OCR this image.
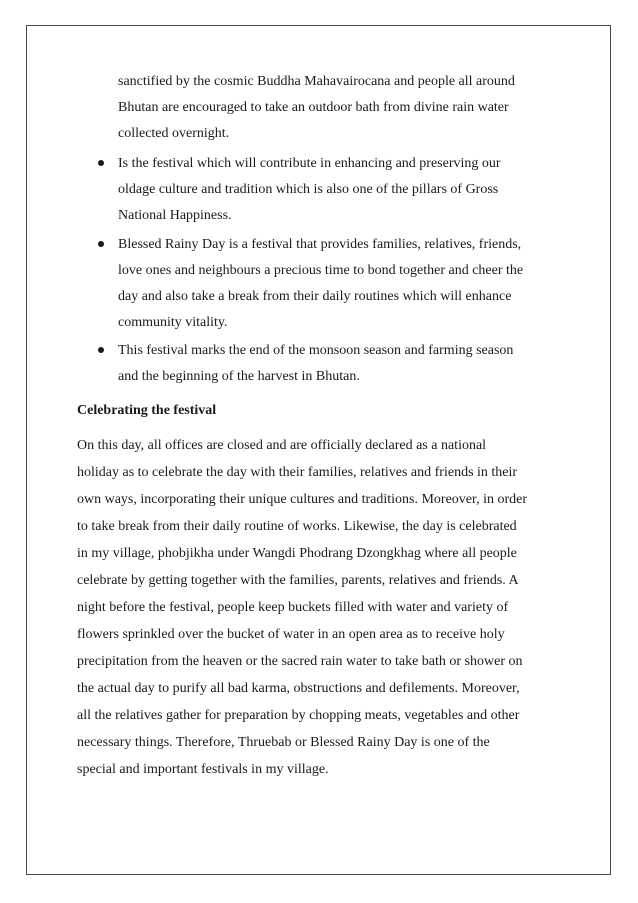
sanctified by the cosmic Buddha Mahavairocana and people all around

Bhutan are encouraged to take an outdoor bath from divine rain water

collected overnight.

Is the festival which will contribute in enhancing and preserving our

oldage culture and tradition which is also one of the pillars of Gross

National Happiness.

Blessed Rainy Day is a festival that provides families, relatives, friends,

love ones and neighbours a precious time to bond together and cheer the

day and also take a break from their daily routines which will enhance

community vitality.

This festival marks the end of the monsoon season and farming season

and the beginning of the harvest in Bhutan.

Celebrating the festival

On this day, all offices are closed and are officially declared as a national

holiday as to celebrate the day with their families, relatives and friends in their

own ways, incorporating their unique cultures and traditions. Moreover, in order

to take break from their daily routine of works. Likewise, the day is celebrated

in my village, phobjikha under Wangdi Phodrang Dzongkhag where all people

celebrate by getting together with the families, parents, relatives and friends. A

night before the festival, people keep buckets filled with water and variety of

flowers sprinkled over the bucket of water in an open area as to receive holy

precipitation from the heaven or the sacred rain water to take bath or shower on

the actual day to purify all bad karma, obstructions and defilements. Moreover,

all the relatives gather for preparation by chopping meats, vegetables and other

necessary things. Therefore, Thruebab or Blessed Rainy Day is one of the

special and important festivals in my village.
